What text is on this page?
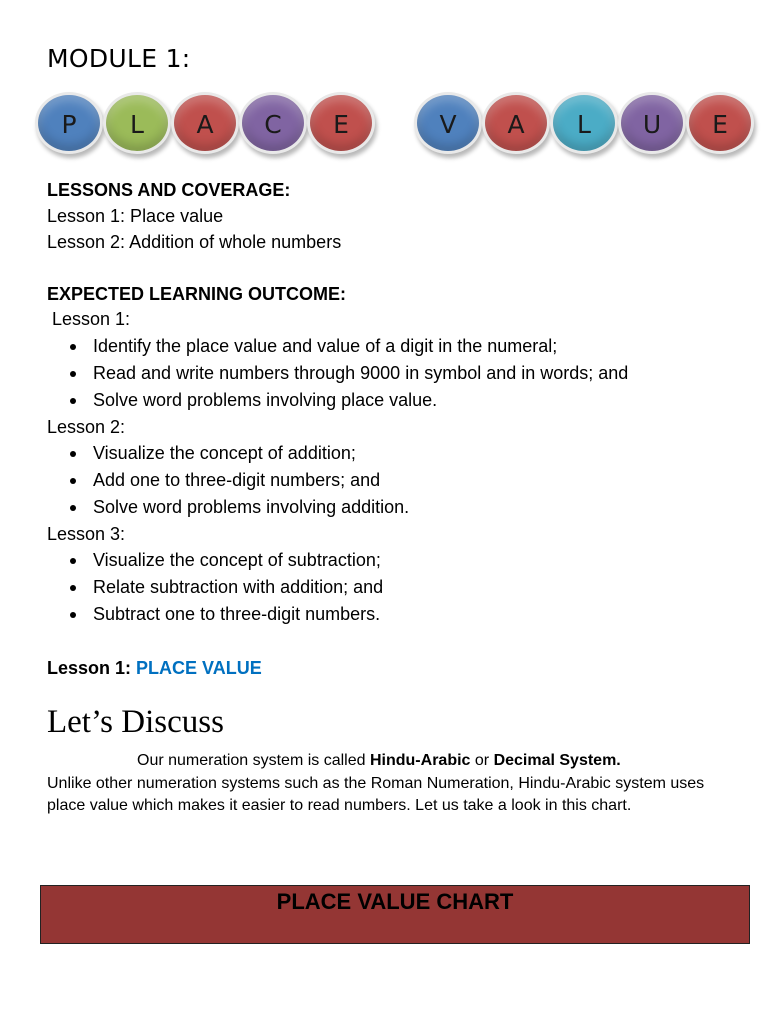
MODULE 1:
P L A C E	V A L U E
LESSONS AND COVERAGE:
Lesson 1: Place value
Lesson 2: Addition of whole numbers
EXPECTED LEARNING OUTCOME:
Lesson 1:
Identify the place value and value of a digit in the numeral;
Read and write numbers through 9000 in symbol and in words; and
Solve word problems involving place value.
Lesson 2:
Visualize the concept of addition;
Add one to three-digit numbers; and
Solve word problems involving addition.
Lesson 3:
Visualize the concept of subtraction;
Relate subtraction with addition; and
Subtract one to three-digit numbers.
Lesson 1: PLACE VALUE
Let’s Discuss
Our numeration system is called Hindu-Arabic or Decimal System.
Unlike other numeration systems such as the Roman Numeration, Hindu-Arabic system uses place value which makes it easier to read numbers. Let us take a look in this chart.
PLACE VALUE CHART
